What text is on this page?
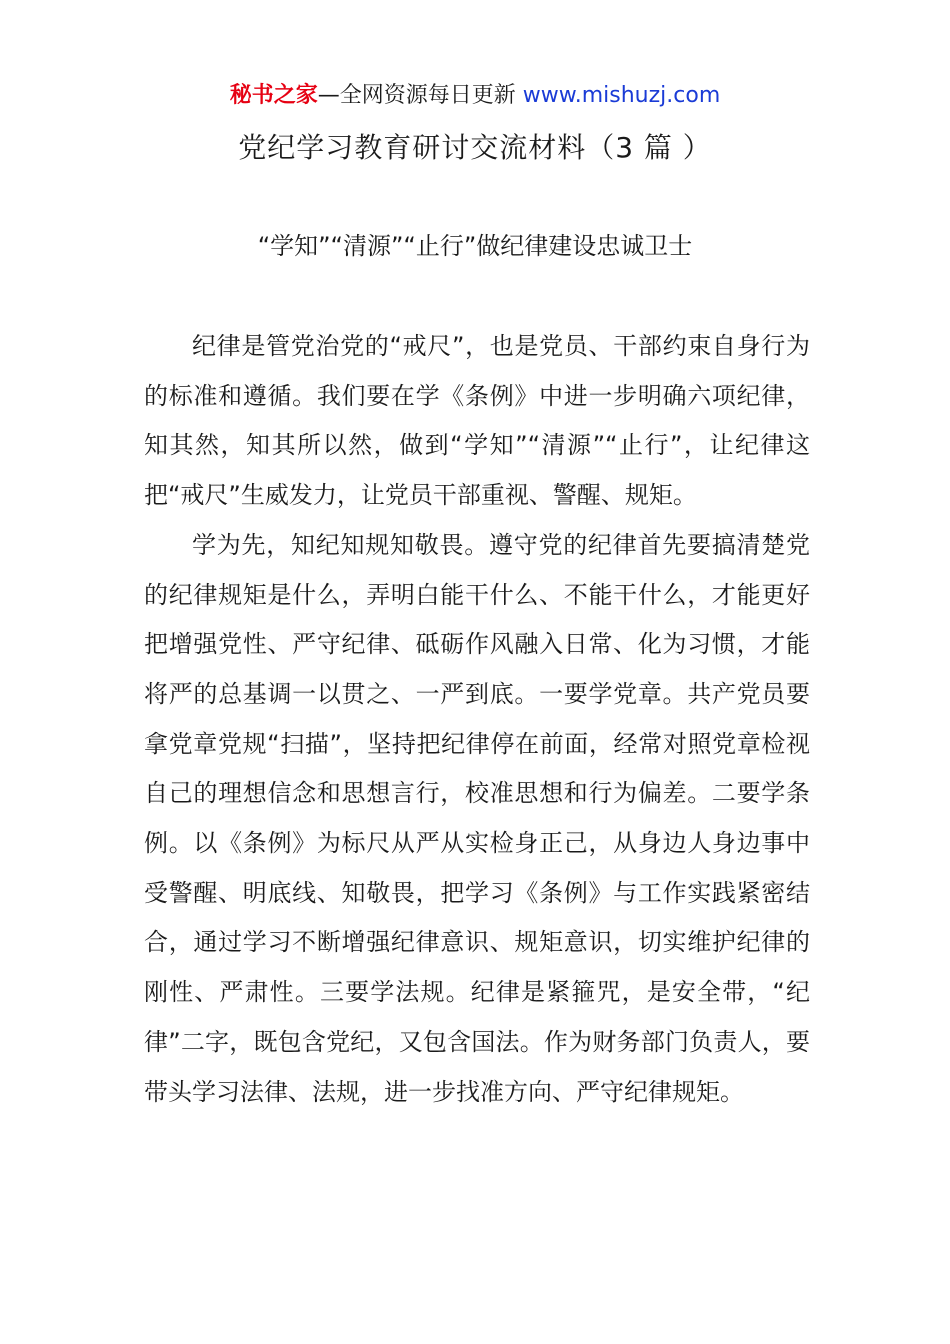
秘书之家—全网资源每日更新 www.mishuzj.com
党纪学习教育研讨交流材料（3 篇 ）
“学知”“清源”“止行”做纪律建设忠诚卫士

纪律是管党治党的“戒尺”，也是党员、干部约束自身行为的标准和遵循。我们要在学《条例》中进一步明确六项纪律，知其然，知其所以然，做到“学知”“清源”“止行”，让纪律这把“戒尺”生威发力，让党员干部重视、警醒、规矩。

学为先，知纪知规知敬畏。遵守党的纪律首先要搞清楚党的纪律规矩是什么，弄明白能干什么、不能干什么，才能更好把增强党性、严守纪律、砥砺作风融入日常、化为习惯，才能将严的总基调一以贯之、一严到底。一要学党章。共产党员要拿党章党规“扫描”，坚持把纪律停在前面，经常对照党章检视自己的理想信念和思想言行，校准思想和行为偏差。二要学条例。以《条例》为标尺从严从实检身正己，从身边人身边事中受警醒、明底线、知敬畏，把学习《条例》与工作实践紧密结合，通过学习不断增强纪律意识、规矩意识，切实维护纪律的刚性、严肃性。三要学法规。纪律是紧箍咒，是安全带，“纪律”二字，既包含党纪，又包含国法。作为财务部门负责人，要带头学习法律、法规，进一步找准方向、严守纪律规矩。
